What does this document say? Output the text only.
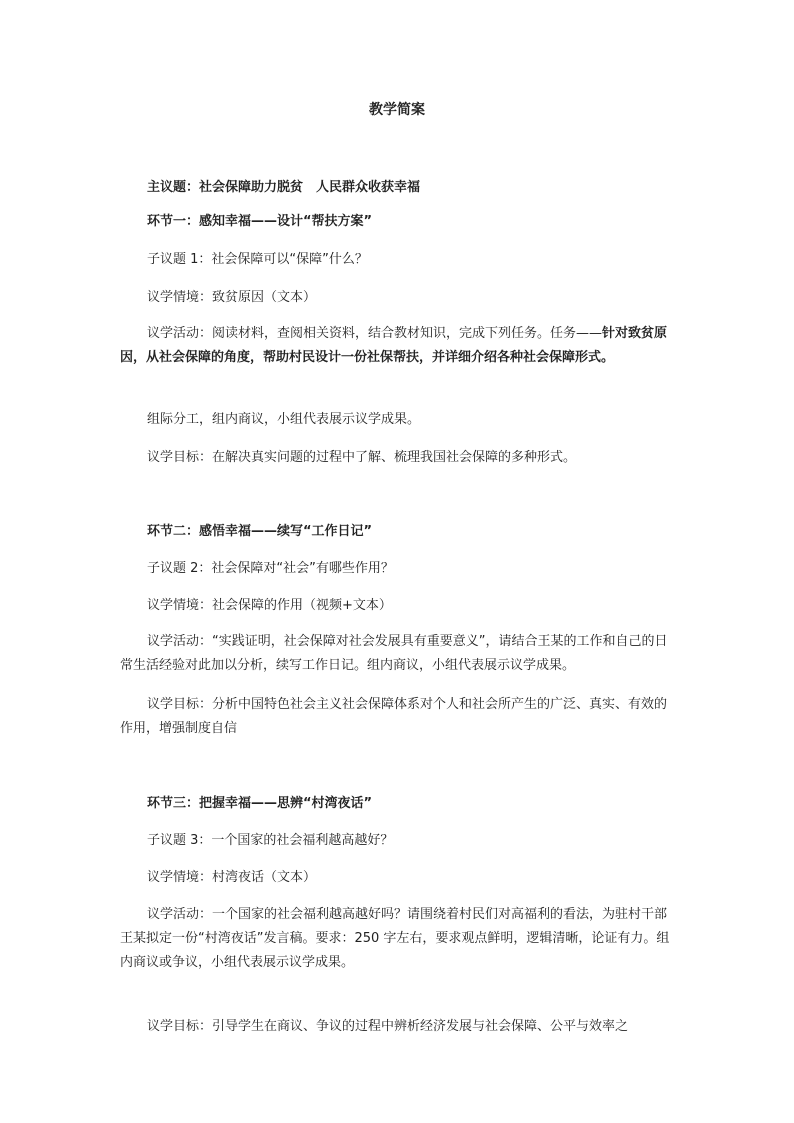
教学简案
主议题：社会保障助力脱贫　人民群众收获幸福
环节一：感知幸福——设计“帮扶方案”
子议题 1：社会保障可以“保障”什么？
议学情境：致贫原因（文本）

议学活动：阅读材料，查阅相关资料，结合教材知识，完成下列任务。任务——针对致贫原因，从社会保障的角度，帮助村民设计一份社保帮扶，并详细介绍各种社会保障形式。

组际分工，组内商议，小组代表展示议学成果。
议学目标：在解决真实问题的过程中了解、梳理我国社会保障的多种形式。
环节二：感悟幸福——续写“工作日记”
子议题 2：社会保障对“社会”有哪些作用？
议学情境：社会保障的作用（视频+文本）

议学活动：“实践证明，社会保障对社会发展具有重要意义”，请结合王某的工作和自己的日常生活经验对此加以分析，续写工作日记。组内商议，小组代表展示议学成果。

议学目标：分析中国特色社会主义社会保障体系对个人和社会所产生的广泛、真实、有效的作用，增强制度自信

环节三：把握幸福——思辨“村湾夜话”
子议题 3：一个国家的社会福利越高越好？
议学情境：村湾夜话（文本）

议学活动：一个国家的社会福利越高越好吗？请围绕着村民们对高福利的看法，为驻村干部王某拟定一份“村湾夜话”发言稿。要求：250 字左右，要求观点鲜明，逻辑清晰，论证有力。组内商议或争议，小组代表展示议学成果。

议学目标：引导学生在商议、争议的过程中辨析经济发展与社会保障、公平与效率之
